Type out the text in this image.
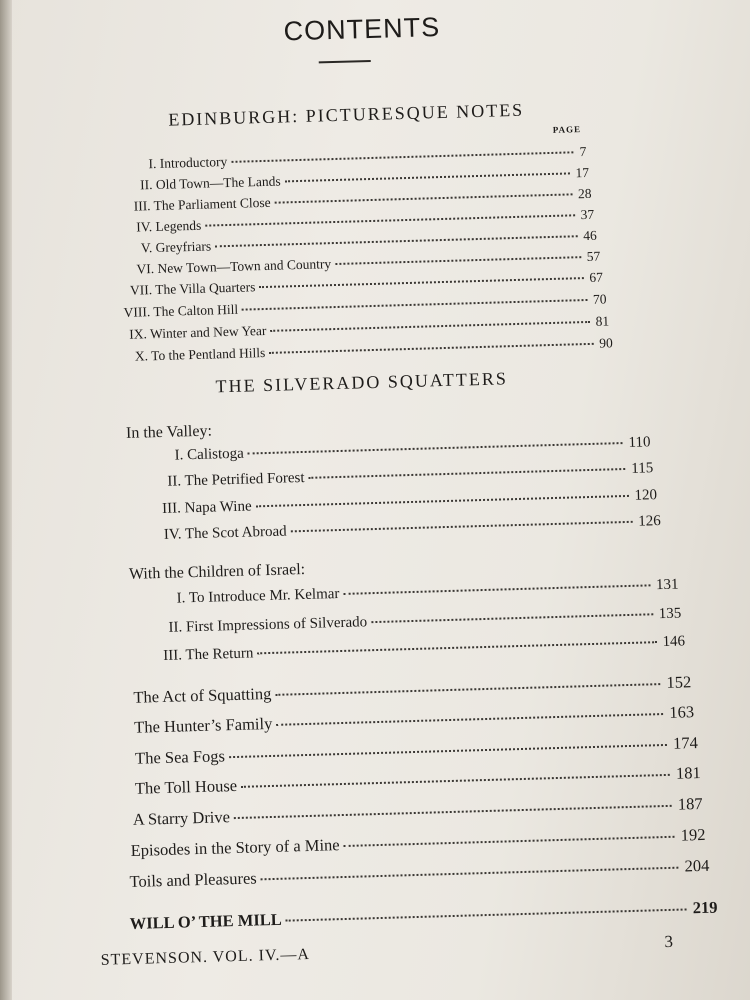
CONTENTS
EDINBURGH: PICTURESQUE NOTES	PAGE
I. Introductory
7
II. Old Town—The Lands
17
III. The Parliament Close
28
IV. Legends
37
V. Greyfriars
46
VI. New Town—Town and Country	57
VII. The Villa Quarters
67
VIII. The Calton Hill
70
IX. Winter and New Year
81
X. To the Pentland Hills
90
THE SILVERADO SQUATTERS
In the Valley:
I. Calistoga
110
II. The Petrified Forest
115
III. Napa Wine
120
IV. The Scot Abroad
126
With the Children of Israel:
I. To Introduce Mr. Kelmar
131
II. First Impressions of Silverado
135
III. The Return
146
The Act of Squatting
152
The Hunter’s Family
163
The Sea Fogs
174
The Toll House
181
A Starry Drive
187
Episodes in the Story of a Mine
192
Toils and Pleasures
204
WILL O’ THE MILL
219
STEVENSON. VOL. IV.—A
3
